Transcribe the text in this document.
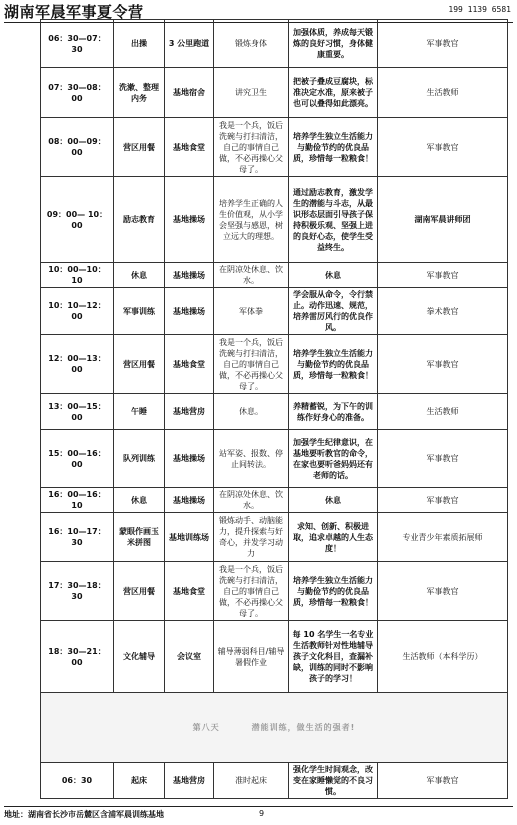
湖南军晨军事夏令营	199 1139 6581
06：30—07：30	出操	3 公里跑道	锻炼身体	加强体质，养成每天锻炼的良好习惯，身体健康重要。	军事教官
07：30—08：00	洗漱、整理内务	基地宿舍	讲究卫生	把被子叠成豆腐块，标准决定水准，原来被子也可以叠得如此漂亮。	生活教师
08：00—09：00	营区用餐	基地食堂	我是一个兵，饭后洗碗与打扫清洁， 自己的事情自己做，不必再操心父母了。	培养学生独立生活能力与勤俭节约的优良品质，珍惜每一粒粮食！	军事教官
09：00— 10：00	励志教育	基地操场	培养学生正确的人生价值观，从小学会坚强与感恩，树立远大的理想。	通过励志教育，激发学生的潜能与斗志，从最识形态层面引导孩子保持积极乐观、坚强上进的良好心态，使学生受益终生。	湖南军晨讲师团
10：00—10：10	休息	基地操场	在阴凉处休息、饮水。	休息	军事教官
10：10—12：00	军事训练	基地操场	军体拳	学会服从命令，令行禁止。动作迅速、规范，培养雷厉风行的优良作风。	拳术教官
12：00—13：00	营区用餐	基地食堂	我是一个兵，饭后洗碗与打扫清洁， 自己的事情自己做，不必再操心父母了。	培养学生独立生活能力与勤俭节约的优良品质，珍惜每一粒粮食！	军事教官
13：00—15：00	午睡	基地营房	休息。	养精蓄锐，为下午的训练作好身心的准备。	生活教师
15：00—16：00	队列训练	基地操场	站军姿、报数、停止间转法。	加强学生纪律意识，在基地要听教官的命令，在家也要听爸妈妈还有老师的话。	军事教官
16：00—16：10	休息	基地操场	在阴凉处休息、饮水。	休息	军事教官
16：10—17：30	蒙眼作画玉米拼图	基地训练场	锻炼动手、动脑能力，提升探索与好奇心，并发学习动力	求知、创新、积极进取，追求卓越的人生态度！	专业青少年素质拓展师
17：30—18：30	营区用餐	基地食堂	我是一个兵，饭后洗碗与打扫清洁， 自己的事情自己做，不必再操心父母了。	培养学生独立生活能力与勤俭节约的优良品质，珍惜每一粒粮食！	军事教官
18：30—21：00	文化辅导	会议室	辅导薄弱科目/辅导暑假作业	每 10 名学生一名专业生活教师针对性地辅导孩子文化科目，查漏补缺，训练的同时不影响孩子的学习！	生活教师（本科学历）
第八天 潜能训练，做生活的强者!					
06：30	起床	基地营房	准时起床	强化学生时间观念，改变在家睡懒觉的不良习惯。	军事教官
地址：湖南省长沙市岳麓区含浦军晨训练基地	9
